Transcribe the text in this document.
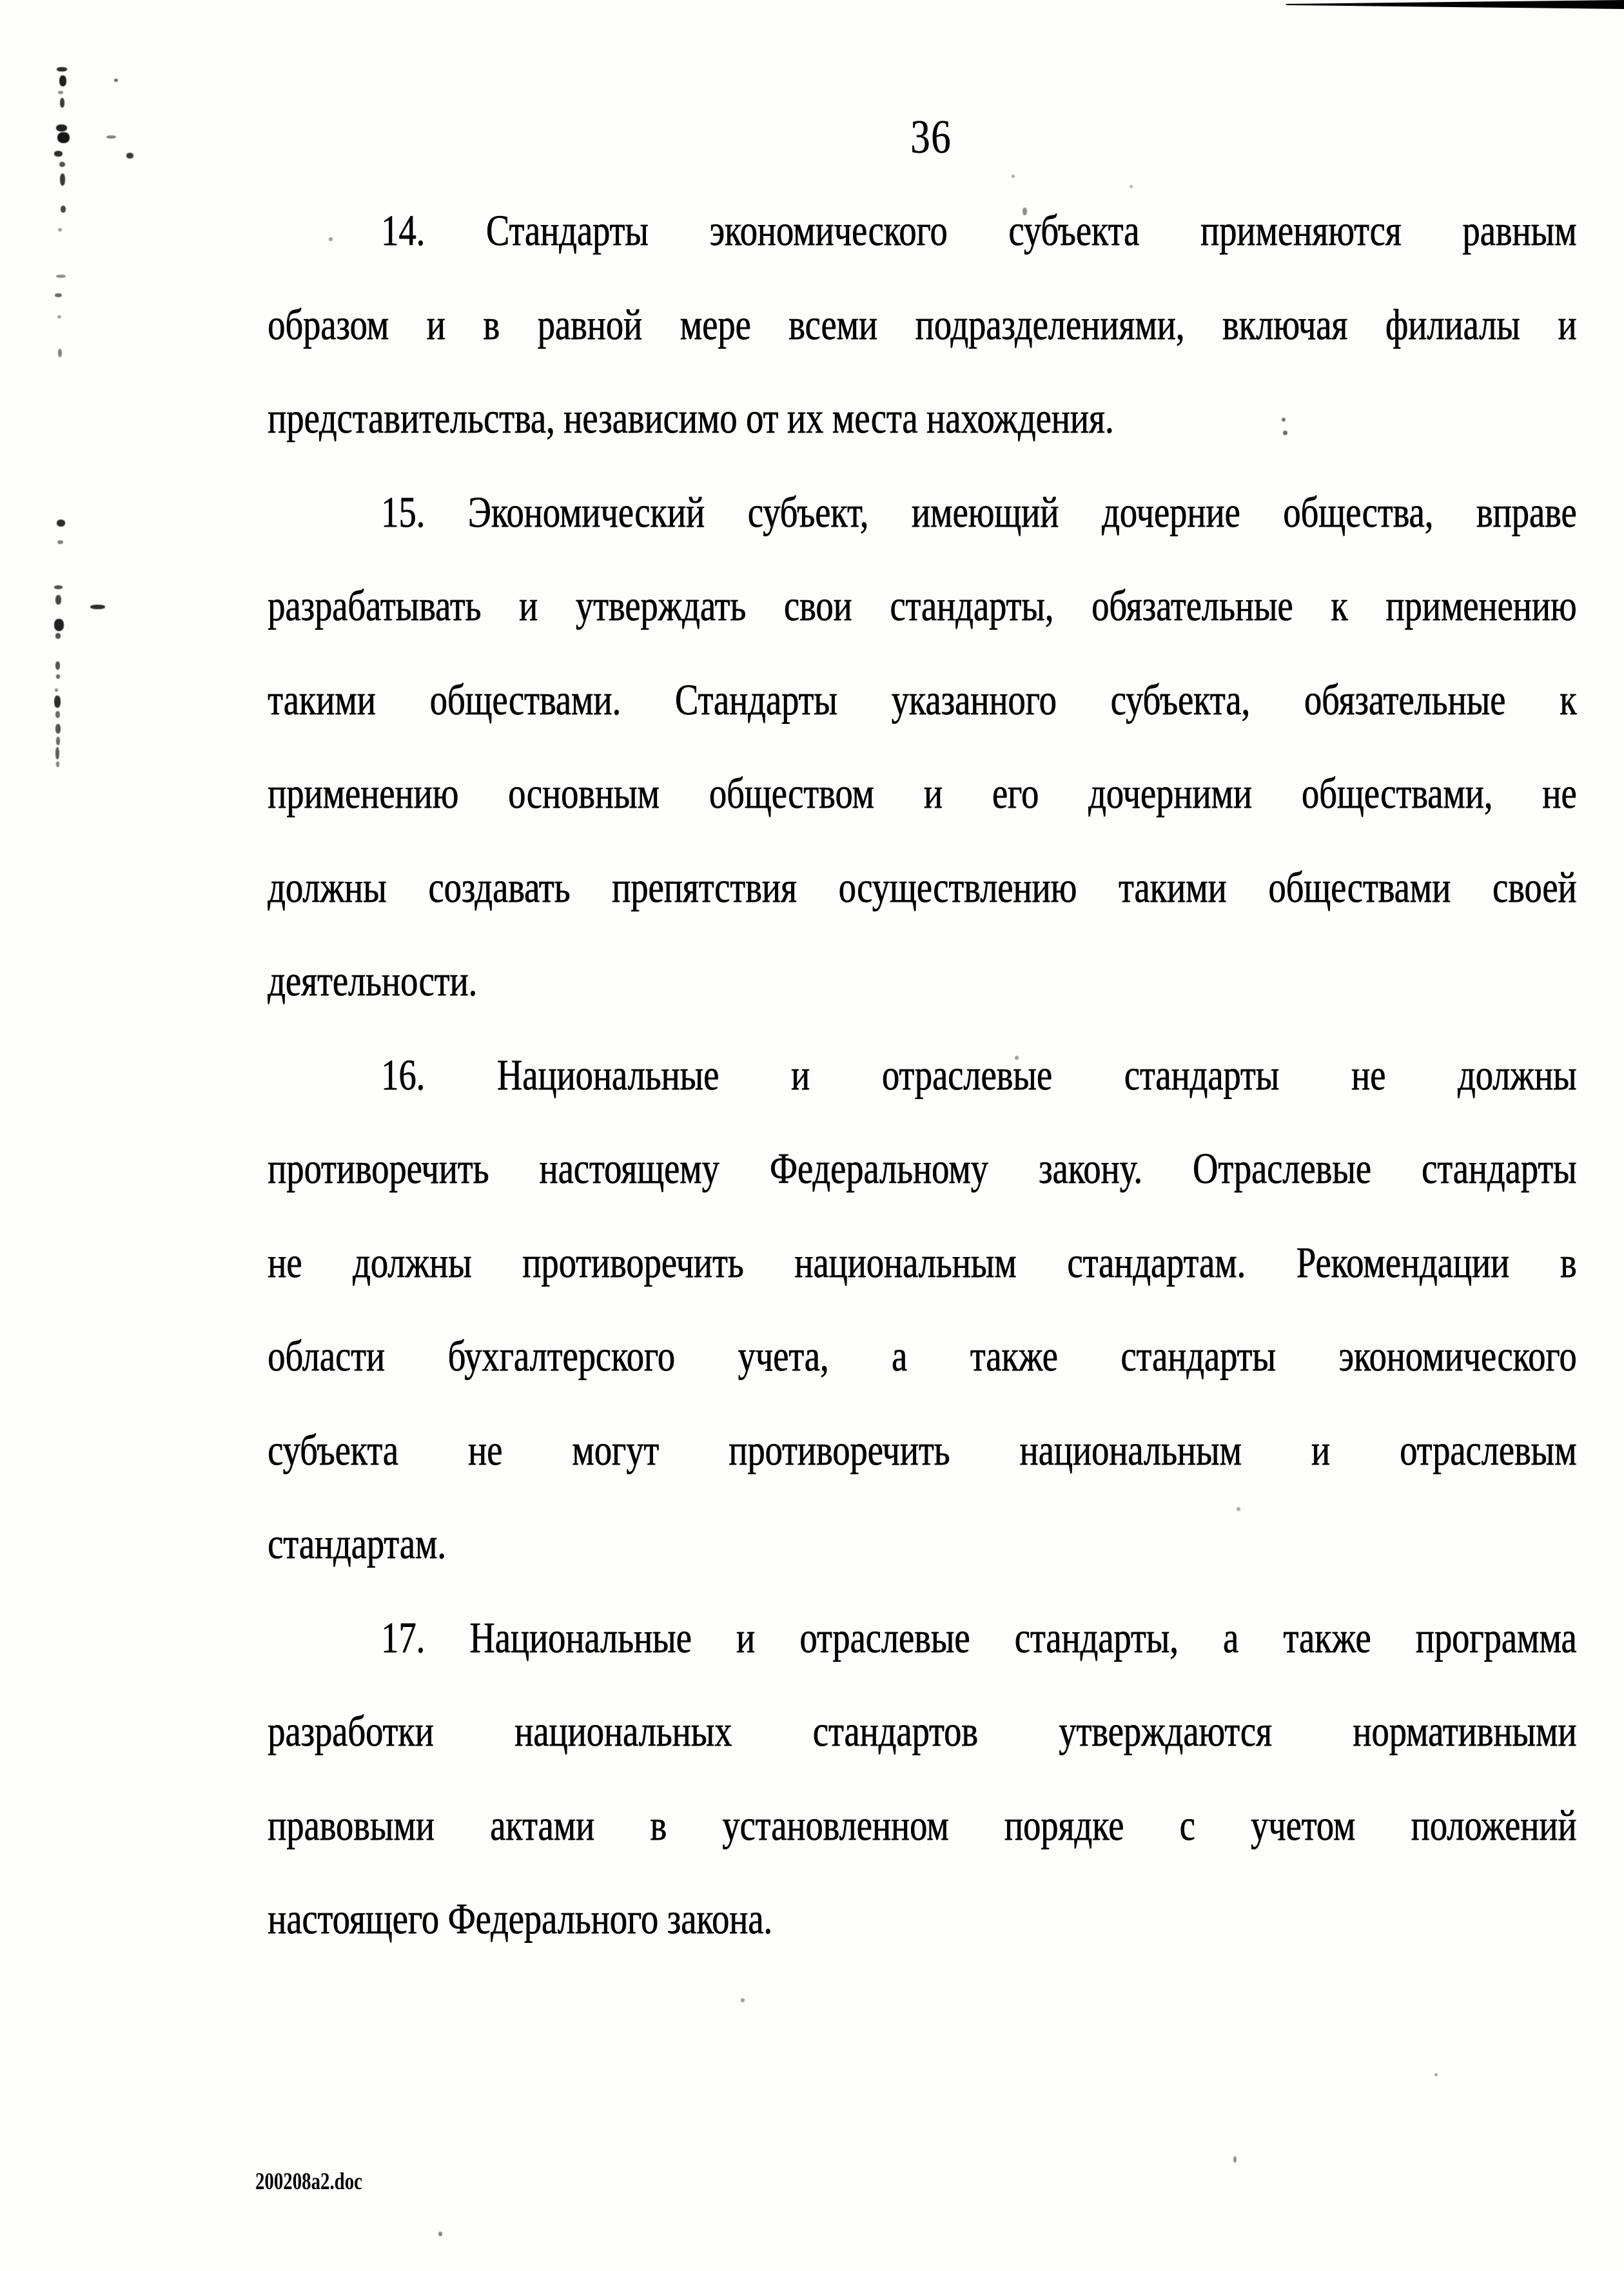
36
14. Стандарты экономического субъекта применяются равным
образом и в равной мере всеми подразделениями, включая филиалы и
представительства, независимо от их места нахождения.
15. Экономический субъект, имеющий дочерние общества, вправе
разрабатывать и утверждать свои стандарты, обязательные к применению
такими обществами. Стандарты указанного субъекта, обязательные к
применению основным обществом и его дочерними обществами, не
должны создавать препятствия осуществлению такими обществами своей
деятельности.
16. Национальные и отраслевые стандарты не должны
противоречить настоящему Федеральному закону. Отраслевые стандарты
не должны противоречить национальным стандартам. Рекомендации в
области бухгалтерского учета, а также стандарты экономического
субъекта не могут противоречить национальным и отраслевым
стандартам.
17. Национальные и отраслевые стандарты, а также программа
разработки национальных стандартов утверждаются нормативными
правовыми актами в установленном порядке с учетом положений
настоящего Федерального закона.
200208a2.doc
